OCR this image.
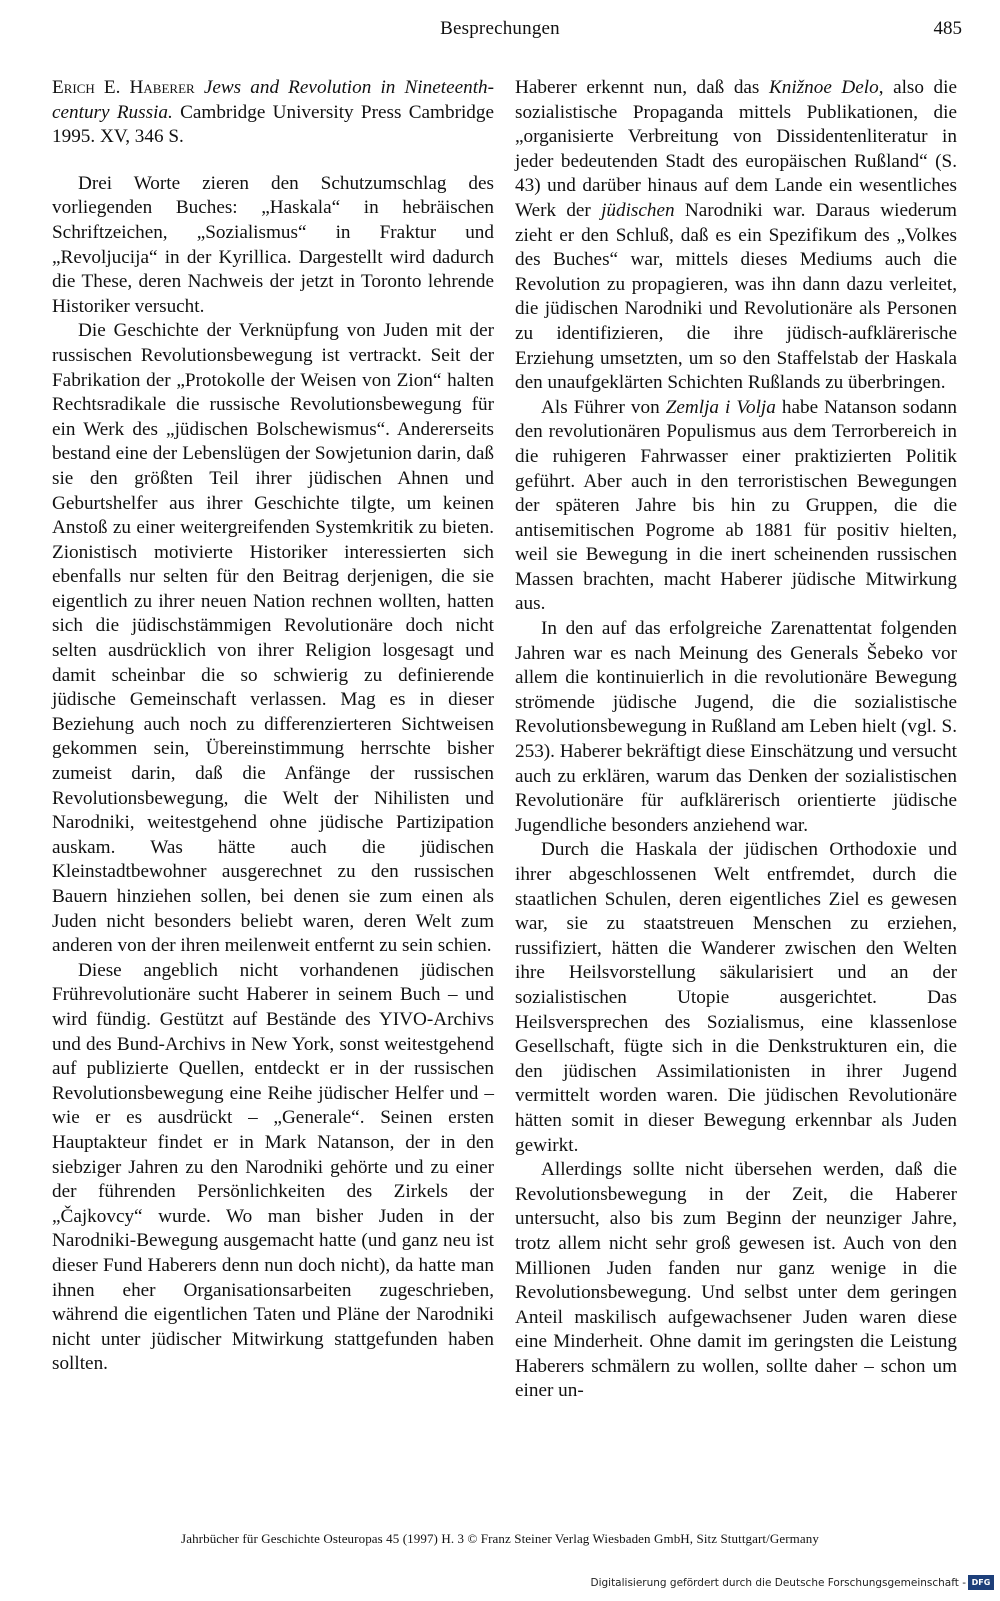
Besprechungen	485

Erich E. Haberer Jews and Revolution in Nineteenth-century Russia. Cambridge University Press Cambridge 1995. XV, 346 S.

Drei Worte zieren den Schutzumschlag des vorliegenden Buches: „Haskala“ in hebräischen Schriftzeichen, „Sozialismus“ in Fraktur und „Revoljucija“ in der Kyrillica. Dargestellt wird dadurch die These, deren Nachweis der jetzt in Toronto lehrende Historiker versucht.

Die Geschichte der Verknüpfung von Juden mit der russischen Revolutionsbewegung ist vertrackt. Seit der Fabrikation der „Protokolle der Weisen von Zion“ halten Rechtsradikale die russische Revolutionsbewegung für ein Werk des „jüdischen Bolschewismus“. Andererseits bestand eine der Lebenslügen der Sowjetunion darin, daß sie den größten Teil ihrer jüdischen Ahnen und Geburtshelfer aus ihrer Geschichte tilgte, um keinen Anstoß zu einer weitergreifenden Systemkritik zu bieten. Zionistisch motivierte Historiker interessierten sich ebenfalls nur selten für den Beitrag derjenigen, die sie eigentlich zu ihrer neuen Nation rechnen wollten, hatten sich die jüdischstämmigen Revolutionäre doch nicht selten ausdrücklich von ihrer Religion losgesagt und damit scheinbar die so schwierig zu definierende jüdische Gemeinschaft verlassen. Mag es in dieser Beziehung auch noch zu differenzierteren Sichtweisen gekommen sein, Übereinstimmung herrschte bisher zumeist darin, daß die Anfänge der russischen Revolutionsbewegung, die Welt der Nihilisten und Narodniki, weitestgehend ohne jüdische Partizipation auskam. Was hätte auch die jüdischen Kleinstadtbewohner ausgerechnet zu den russischen Bauern hinziehen sollen, bei denen sie zum einen als Juden nicht besonders beliebt waren, deren Welt zum anderen von der ihren meilenweit entfernt zu sein schien.

Diese angeblich nicht vorhandenen jüdischen Frührevolutionäre sucht Haberer in seinem Buch – und wird fündig. Gestützt auf Bestände des YIVO-Archivs und des Bund-Archivs in New York, sonst weitestgehend auf publizierte Quellen, entdeckt er in der russischen Revolutionsbewegung eine Reihe jüdischer Helfer und – wie er es ausdrückt – „Generale“. Seinen ersten Hauptakteur findet er in Mark Natanson, der in den siebziger Jahren zu den Narodniki gehörte und zu einer der führenden Persönlichkeiten des Zirkels der „Čajkovcy“ wurde. Wo man bisher Juden in der Narodniki-Bewegung ausgemacht hatte (und ganz neu ist dieser Fund Haberers denn nun doch nicht), da hatte man ihnen eher Organisationsarbeiten zugeschrieben, während die eigentlichen Taten und Pläne der Narodniki nicht unter jüdischer Mitwirkung stattgefunden haben sollten.

Haberer erkennt nun, daß das Knižnoe Delo, also die sozialistische Propaganda mittels Publikationen, die „organisierte Verbreitung von Dissidentenliteratur in jeder bedeutenden Stadt des europäischen Rußland“ (S. 43) und darüber hinaus auf dem Lande ein wesentliches Werk der jüdischen Narodniki war. Daraus wiederum zieht er den Schluß, daß es ein Spezifikum des „Volkes des Buches“ war, mittels dieses Mediums auch die Revolution zu propagieren, was ihn dann dazu verleitet, die jüdischen Narodniki und Revolutionäre als Personen zu identifizieren, die ihre jüdisch-aufklärerische Erziehung umsetzten, um so den Staffelstab der Haskala den unaufgeklärten Schichten Rußlands zu überbringen.

Als Führer von Zemlja i Volja habe Natanson sodann den revolutionären Populismus aus dem Terrorbereich in die ruhigeren Fahrwasser einer praktizierten Politik geführt. Aber auch in den terroristischen Bewegungen der späteren Jahre bis hin zu Gruppen, die die antisemitischen Pogrome ab 1881 für positiv hielten, weil sie Bewegung in die inert scheinenden russischen Massen brachten, macht Haberer jüdische Mitwirkung aus.

In den auf das erfolgreiche Zarenattentat folgenden Jahren war es nach Meinung des Generals Šebeko vor allem die kontinuierlich in die revolutionäre Bewegung strömende jüdische Jugend, die die sozialistische Revolutionsbewegung in Rußland am Leben hielt (vgl. S. 253). Haberer bekräftigt diese Einschätzung und versucht auch zu erklären, warum das Denken der sozialistischen Revolutionäre für aufklärerisch orientierte jüdische Jugendliche besonders anziehend war.

Durch die Haskala der jüdischen Orthodoxie und ihrer abgeschlossenen Welt entfremdet, durch die staatlichen Schulen, deren eigentliches Ziel es gewesen war, sie zu staatstreuen Menschen zu erziehen, russifiziert, hätten die Wanderer zwischen den Welten ihre Heilsvorstellung säkularisiert und an der sozialistischen Utopie ausgerichtet. Das Heilsversprechen des Sozialismus, eine klassenlose Gesellschaft, fügte sich in die Denkstrukturen ein, die den jüdischen Assimilationisten in ihrer Jugend vermittelt worden waren. Die jüdischen Revolutionäre hätten somit in dieser Bewegung erkennbar als Juden gewirkt.

Allerdings sollte nicht übersehen werden, daß die Revolutionsbewegung in der Zeit, die Haberer untersucht, also bis zum Beginn der neunziger Jahre, trotz allem nicht sehr groß gewesen ist. Auch von den Millionen Juden fanden nur ganz wenige in die Revolutionsbewegung. Und selbst unter dem geringen Anteil maskilisch aufgewachsener Juden waren diese eine Minderheit. Ohne damit im geringsten die Leistung Haberers schmälern zu wollen, sollte daher – schon um einer un-

Jahrbücher für Geschichte Osteuropas 45 (1997) H. 3 © Franz Steiner Verlag Wiesbaden GmbH, Sitz Stuttgart/Germany
Digitalisierung gefördert durch die Deutsche Forschungsgemeinschaft - DFG
